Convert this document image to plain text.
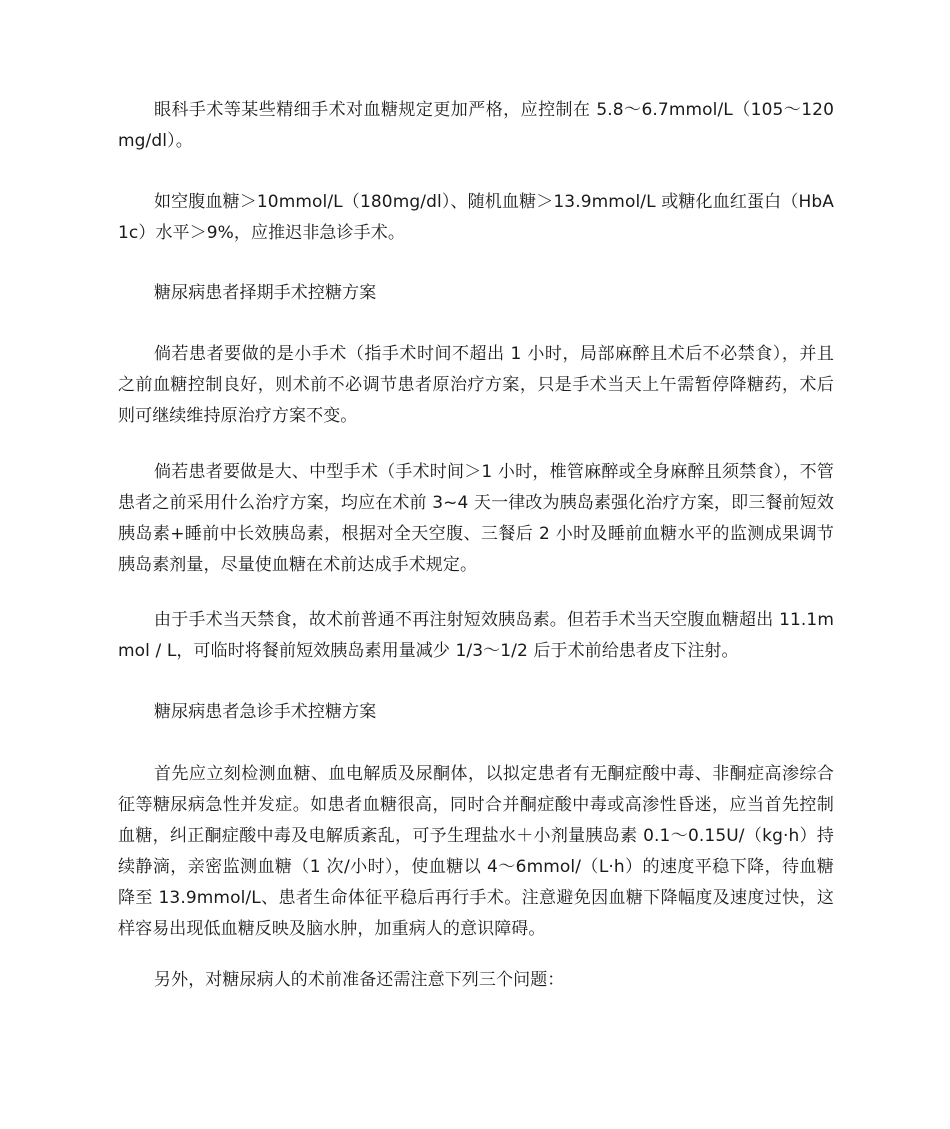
眼科手术等某些精细手术对血糖规定更加严格，应控制在 5.8～6.7mmol/L（105～120mg/dl）。

如空腹血糖＞10mmol/L（180mg/dl）、随机血糖＞13.9mmol/L 或糖化血红蛋白（HbA1c）水平＞9%，应推迟非急诊手术。

糖尿病患者择期手术控糖方案

倘若患者要做的是小手术（指手术时间不超出 1 小时，局部麻醉且术后不必禁食），并且之前血糖控制良好，则术前不必调节患者原治疗方案，只是手术当天上午需暂停降糖药，术后则可继续维持原治疗方案不变。

倘若患者要做是大、中型手术（手术时间＞1 小时，椎管麻醉或全身麻醉且须禁食），不管患者之前采用什么治疗方案，均应在术前 3~4 天一律改为胰岛素强化治疗方案，即三餐前短效胰岛素+睡前中长效胰岛素，根据对全天空腹、三餐后 2 小时及睡前血糖水平的监测成果调节胰岛素剂量，尽量使血糖在术前达成手术规定。

由于手术当天禁食，故术前普通不再注射短效胰岛素。但若手术当天空腹血糖超出 11.1mmol / L，可临时将餐前短效胰岛素用量减少 1/3～1/2 后于术前给患者皮下注射。

糖尿病患者急诊手术控糖方案

首先应立刻检测血糖、血电解质及尿酮体，以拟定患者有无酮症酸中毒、非酮症高渗综合征等糖尿病急性并发症。如患者血糖很高，同时合并酮症酸中毒或高渗性昏迷，应当首先控制血糖，纠正酮症酸中毒及电解质紊乱，可予生理盐水＋小剂量胰岛素 0.1～0.15U/（kg·h）持续静滴，亲密监测血糖（1 次/小时），使血糖以 4～6mmol/（L·h）的速度平稳下降，待血糖降至 13.9mmol/L、患者生命体征平稳后再行手术。注意避免因血糖下降幅度及速度过快，这样容易出现低血糖反映及脑水肿，加重病人的意识障碍。

另外，对糖尿病人的术前准备还需注意下列三个问题：
